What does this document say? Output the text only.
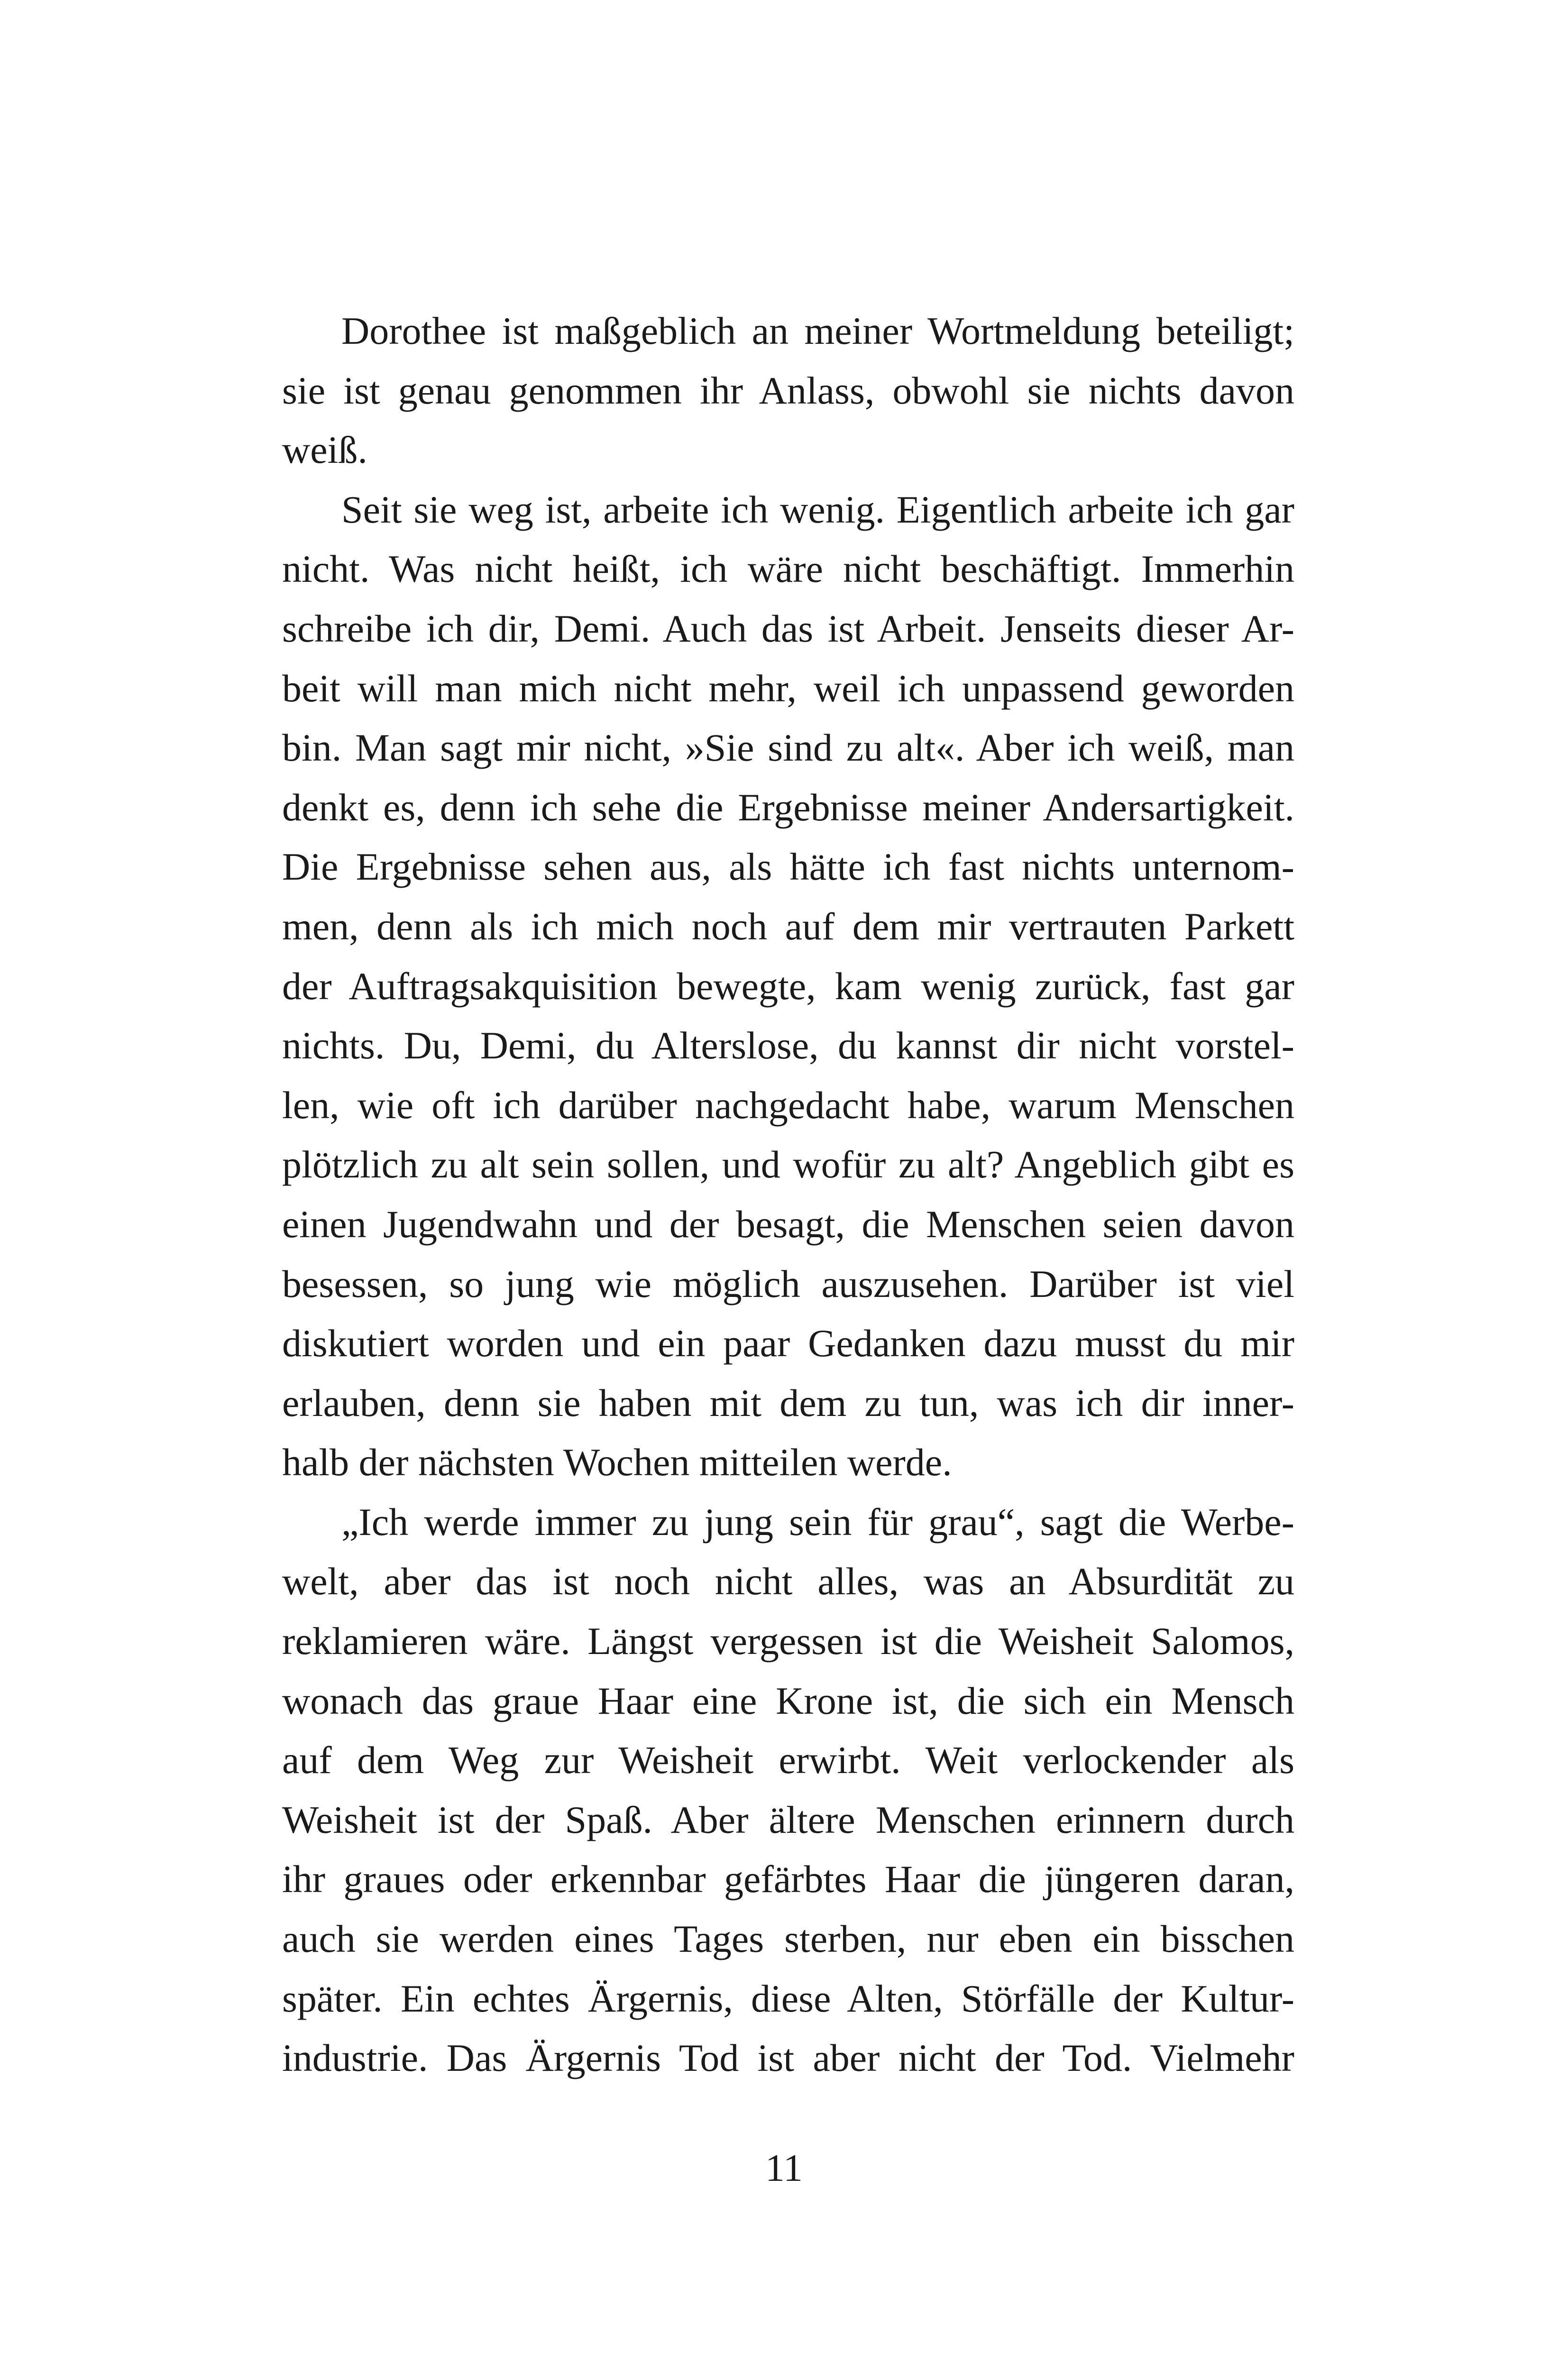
Dorothee ist maßgeblich an meiner Wortmeldung beteiligt;
sie ist genau genommen ihr Anlass, obwohl sie nichts davon
weiß.
Seit sie weg ist, arbeite ich wenig. Eigentlich arbeite ich gar
nicht. Was nicht heißt, ich wäre nicht beschäftigt. Immerhin
schreibe ich dir, Demi. Auch das ist Arbeit. Jenseits dieser Ar-
beit will man mich nicht mehr, weil ich unpassend geworden
bin. Man sagt mir nicht, »Sie sind zu alt«. Aber ich weiß, man
denkt es, denn ich sehe die Ergebnisse meiner Andersartigkeit.
Die Ergebnisse sehen aus, als hätte ich fast nichts unternom-
men, denn als ich mich noch auf dem mir vertrauten Parkett
der Auftragsakquisition bewegte, kam wenig zurück, fast gar
nichts. Du, Demi, du Alterslose, du kannst dir nicht vorstel-
len, wie oft ich darüber nachgedacht habe, warum Menschen
plötzlich zu alt sein sollen, und wofür zu alt? Angeblich gibt es
einen Jugendwahn und der besagt, die Menschen seien davon
besessen, so jung wie möglich auszusehen. Darüber ist viel
diskutiert worden und ein paar Gedanken dazu musst du mir
erlauben, denn sie haben mit dem zu tun, was ich dir inner-
halb der nächsten Wochen mitteilen werde.
„Ich werde immer zu jung sein für grau“, sagt die Werbe-
welt, aber das ist noch nicht alles, was an Absurdität zu
reklamieren wäre. Längst vergessen ist die Weisheit Salomos,
wonach das graue Haar eine Krone ist, die sich ein Mensch
auf dem Weg zur Weisheit erwirbt. Weit verlockender als
Weisheit ist der Spaß. Aber ältere Menschen erinnern durch
ihr graues oder erkennbar gefärbtes Haar die jüngeren daran,
auch sie werden eines Tages sterben, nur eben ein bisschen
später. Ein echtes Ärgernis, diese Alten, Störfälle der Kultur-
industrie. Das Ärgernis Tod ist aber nicht der Tod. Vielmehr
11
